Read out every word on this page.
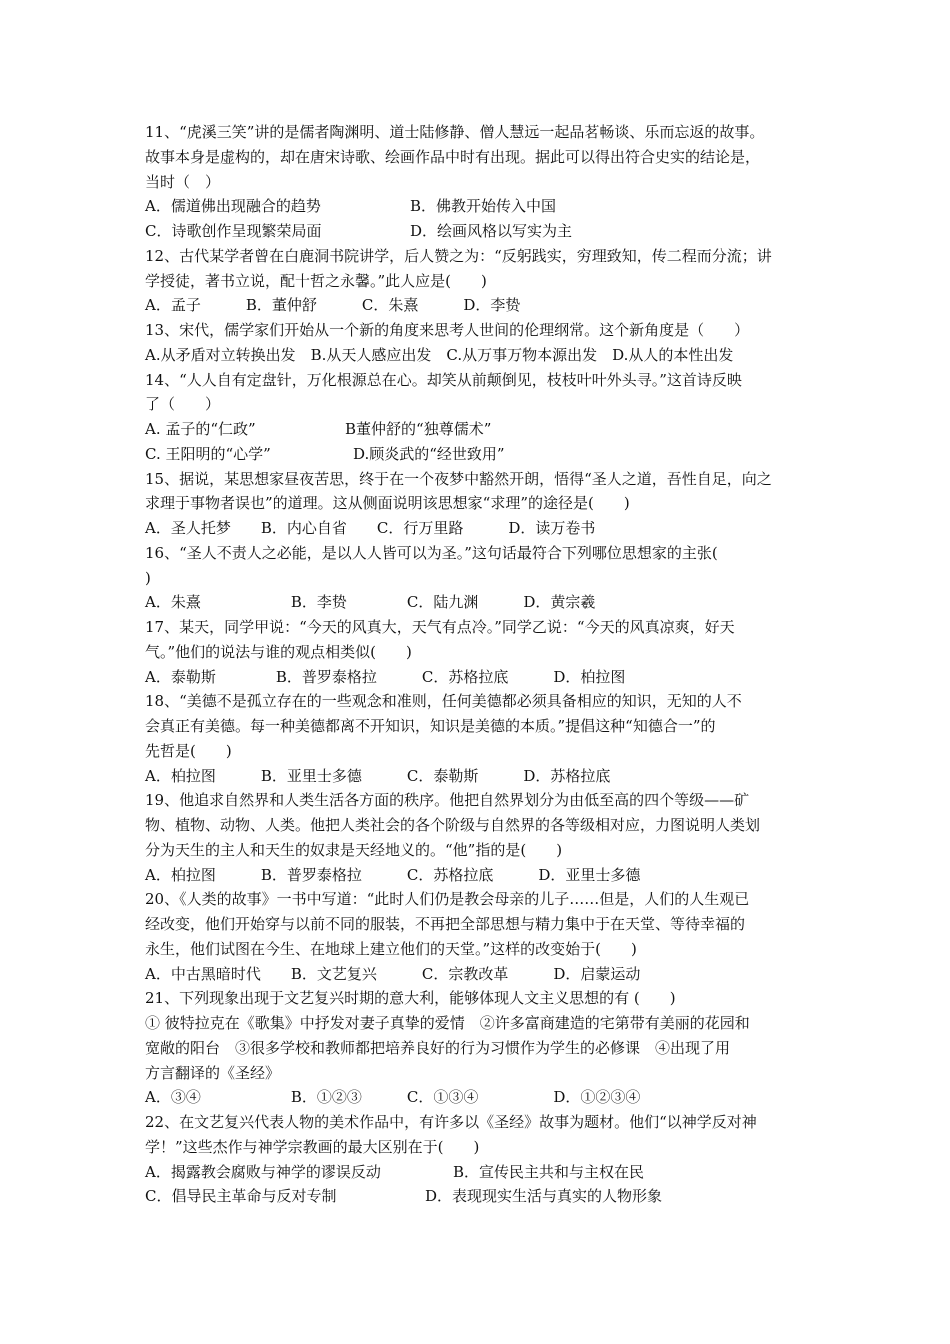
11、“虎溪三笑”讲的是儒者陶渊明、道士陆修静、僧人慧远一起品茗畅谈、乐而忘返的故事。
故事本身是虚构的，却在唐宋诗歌、绘画作品中时有出现。据此可以得出符合史实的结论是，
当时（　）
A．儒道佛出现融合的趋势	B．佛教开始传入中国
C．诗歌创作呈现繁荣局面	D．绘画风格以写实为主
12、古代某学者曾在白鹿洞书院讲学，后人赞之为：“反躬践实，穷理致知，传二程而分流；讲
学授徒，著书立说，配十哲之永馨。”此人应是(　　)
A．孟子　　　B．董仲舒　　　C．朱熹　　　D．李贽
13、宋代，儒学家们开始从一个新的角度来思考人世间的伦理纲常。这个新角度是（　　）
A.从矛盾对立转换出发　B.从天人感应出发　C.从万事万物本源出发　D.从人的本性出发
14、“人人自有定盘针，万化根源总在心。却笑从前颠倒见，枝枝叶叶外头寻。”这首诗反映
了（　　）
A. 孟子的“仁政”	B董仲舒的“独尊儒术”
C. 王阳明的“心学”	D.顾炎武的“经世致用”
15、据说，某思想家昼夜苦思，终于在一个夜梦中豁然开朗，悟得“圣人之道，吾性自足，向之
求理于事物者误也”的道理。这从侧面说明该思想家“求理”的途径是(　　)
A．圣人托梦　　B．内心自省　　C．行万里路　　　D．读万卷书
16、“圣人不责人之必能，是以人人皆可以为圣。”这句话最符合下列哪位思想家的主张(
)
A．朱熹　　　　　　B．李贽　　　　C．陆九渊　　　D．黄宗羲
17、某天，同学甲说：“今天的风真大，天气有点冷。”同学乙说：“今天的风真凉爽，好天
气。”他们的说法与谁的观点相类似(　　)
A．泰勒斯　　　　B．普罗泰格拉　　　C．苏格拉底　　　D．柏拉图
18、“美德不是孤立存在的一些观念和准则，任何美德都必须具备相应的知识，无知的人不
会真正有美德。每一种美德都离不开知识，知识是美德的本质。”提倡这种“知德合一”的
先哲是(　　)
A．柏拉图　　　B．亚里士多德　　　C．泰勒斯　　　D．苏格拉底
19、他追求自然界和人类生活各方面的秩序。他把自然界划分为由低至高的四个等级——矿
物、植物、动物、人类。他把人类社会的各个阶级与自然界的各等级相对应，力图说明人类划
分为天生的主人和天生的奴隶是天经地义的。“他”指的是(　　)
A．柏拉图　　　B．普罗泰格拉　　　C．苏格拉底　　　D．亚里士多德
20、《人类的故事》一书中写道：“此时人们仍是教会母亲的儿子……但是，人们的人生观已
经改变，他们开始穿与以前不同的服装，不再把全部思想与精力集中于在天堂、等待幸福的
永生，他们试图在今生、在地球上建立他们的天堂。”这样的改变始于(　　)
A．中古黑暗时代　　B．文艺复兴　　　C．宗教改革　　　D．启蒙运动
21、下列现象出现于文艺复兴时期的意大利，能够体现人文主义思想的有 (　　)
① 彼特拉克在《歌集》中抒发对妻子真挚的爱情　②许多富商建造的宅第带有美丽的花园和
宽敞的阳台　③很多学校和教师都把培养良好的行为习惯作为学生的必修课　④出现了用
方言翻译的《圣经》
A．③④　　　　　　B．①②③　　　C．①③④　　　　　D．①②③④
22、在文艺复兴代表人物的美术作品中，有许多以《圣经》故事为题材。他们“以神学反对神
学！”这些杰作与神学宗教画的最大区别在于(　　)
A．揭露教会腐败与神学的谬误反动	B．宣传民主共和与主权在民
C．倡导民主革命与反对专制	D．表现现实生活与真实的人物形象
